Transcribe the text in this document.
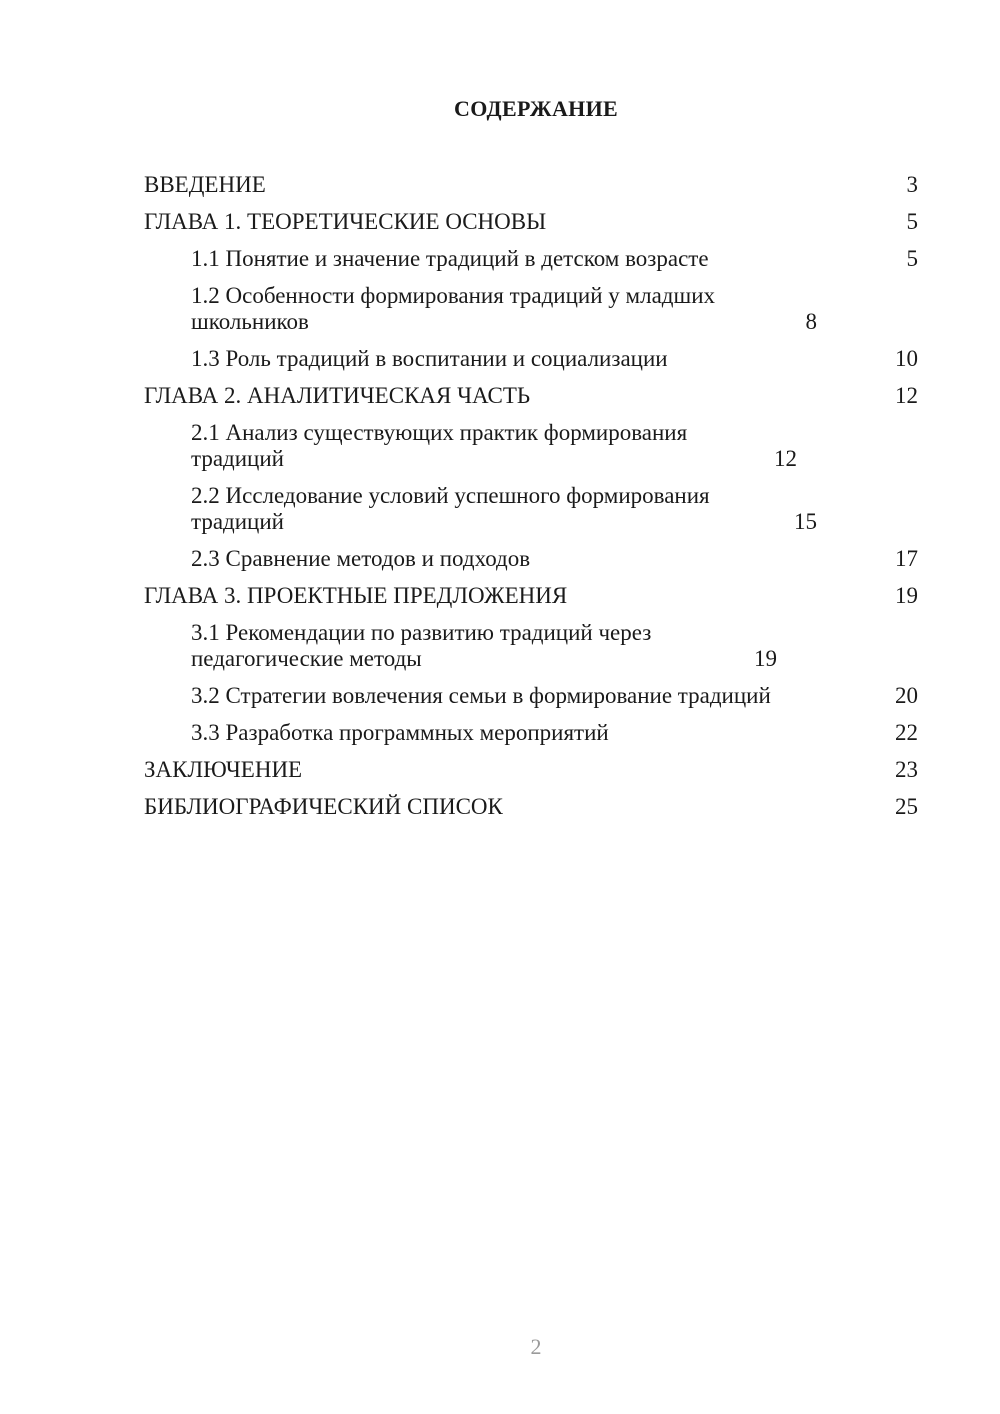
СОДЕРЖАНИЕ
ВВЕДЕНИЕ	3
ГЛАВА 1. ТЕОРЕТИЧЕСКИЕ ОСНОВЫ	5
1.1 Понятие и значение традиций в детском возрасте	5
1.2 Особенности формирования традиций у младших школьников	8
1.3 Роль традиций в воспитании и социализации	10
ГЛАВА 2. АНАЛИТИЧЕСКАЯ ЧАСТЬ	12
2.1 Анализ существующих практик формирования традиций	12
2.2 Исследование условий успешного формирования традиций	15
2.3 Сравнение методов и подходов	17
ГЛАВА 3. ПРОЕКТНЫЕ ПРЕДЛОЖЕНИЯ	19
3.1 Рекомендации по развитию традиций через педагогические методы	19
3.2 Стратегии вовлечения семьи в формирование традиций	20
3.3 Разработка программных мероприятий	22
ЗАКЛЮЧЕНИЕ	23
БИБЛИОГРАФИЧЕСКИЙ СПИСОК	25
2
